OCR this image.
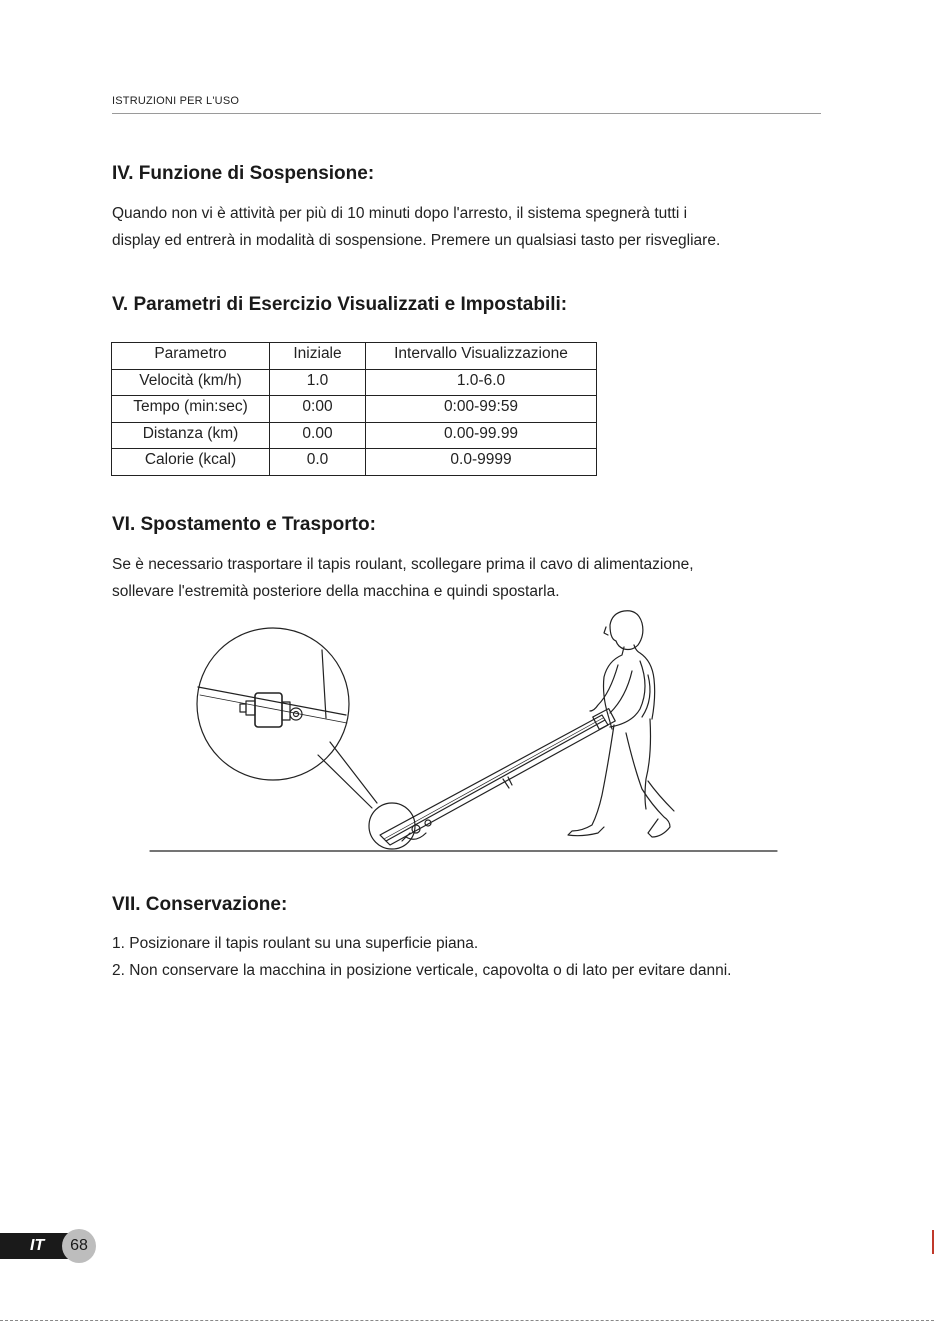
ISTRUZIONI PER L'USO
IV. Funzione di Sospensione:

Quando non vi è attività per più di 10 minuti dopo l'arresto, il sistema spegnerà tutti i

display ed entrerà in modalità di sospensione. Premere un qualsiasi tasto per risvegliare.

V. Parametri di Esercizio Visualizzati e Impostabili:
Parametro	Iniziale	Intervallo Visualizzazione
Velocità (km/h)	1.0	1.0-6.0
Tempo (min:sec)	0:00	0:00-99:59
Distanza (km)	0.00	0.00-99.99
Calorie (kcal)	0.0	0.0-9999
VI. Spostamento e Trasporto:

Se è necessario trasportare il tapis roulant, scollegare prima il cavo di alimentazione,

sollevare l'estremità posteriore della macchina e quindi spostarla.

VII. Conservazione:

1. Posizionare il tapis roulant su una superficie piana.

2. Non conservare la macchina in posizione verticale, capovolta o di lato per evitare danni.

IT	68
